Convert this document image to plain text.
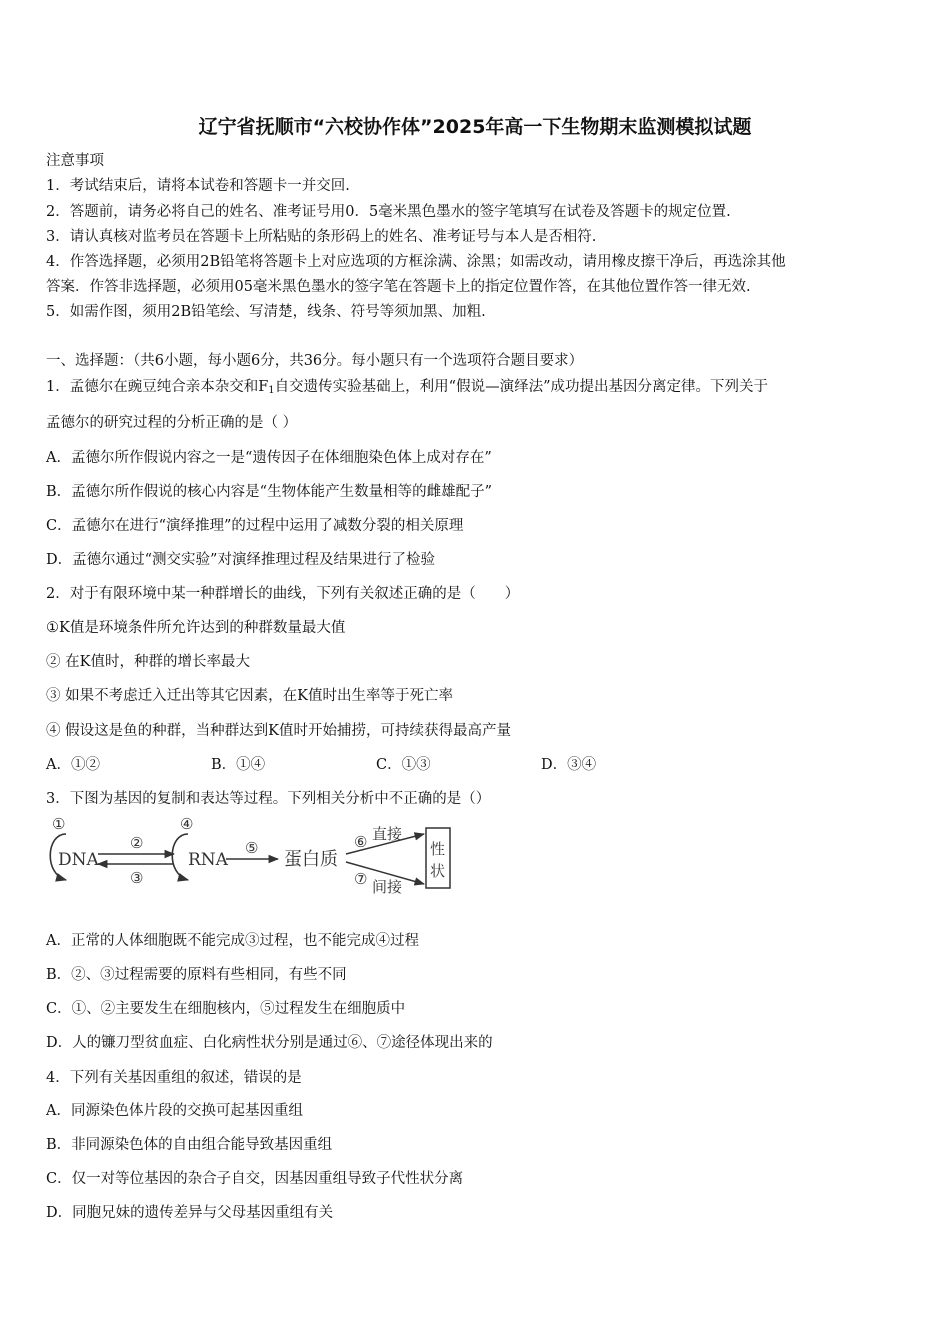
辽宁省抚顺市“六校协作体”2025年高一下生物期末监测模拟试题
注意事项
1．考试结束后，请将本试卷和答题卡一并交回.
2．答题前，请务必将自己的姓名、准考证号用0．5毫米黑色墨水的签字笔填写在试卷及答题卡的规定位置.
3．请认真核对监考员在答题卡上所粘贴的条形码上的姓名、准考证号与本人是否相符.
4．作答选择题，必须用2B铅笔将答题卡上对应选项的方框涂满、涂黑；如需改动，请用橡皮擦干净后，再选涂其他
答案．作答非选择题，必须用05毫米黑色墨水的签字笔在答题卡上的指定位置作答，在其他位置作答一律无效.
5．如需作图，须用2B铅笔绘、写清楚，线条、符号等须加黑、加粗.
一、选择题：（共6小题，每小题6分，共36分。每小题只有一个选项符合题目要求）
1．孟德尔在豌豆纯合亲本杂交和$F_1$自交遗传实验基础上，利用“假说—演绎法”成功提出基因分离定律。下列关于
孟德尔的研究过程的分析正确的是（ ）
A．孟德尔所作假说内容之一是“遗传因子在体细胞染色体上成对存在”
B．孟德尔所作假说的核心内容是“生物体能产生数量相等的雌雄配子”
C．孟德尔在进行“演绎推理”的过程中运用了减数分裂的相关原理
D．孟德尔通过“测交实验”对演绎推理过程及结果进行了检验
2．对于有限环境中某一种群增长的曲线，下列有关叙述正确的是（　　）
①K值是环境条件所允许达到的种群数量最大值
② 在K值时，种群的增长率最大
③ 如果不考虑迁入迁出等其它因素，在K值时出生率等于死亡率
④ 假设这是鱼的种群，当种群达到K值时开始捕捞，可持续获得最高产量
A．①②	B．①④	C．①③	D．③④
3．下图为基因的复制和表达等过程。下列相关分析中不正确的是（）
①
DNA
②
③
④
RNA
⑤
蛋白质
⑥ 直接
⑦ 间接
性
状
A．正常的人体细胞既不能完成③过程，也不能完成④过程
B．②、③过程需要的原料有些相同，有些不同
C．①、②主要发生在细胞核内，⑤过程发生在细胞质中
D．人的镰刀型贫血症、白化病性状分别是通过⑥、⑦途径体现出来的
4．下列有关基因重组的叙述，错误的是
A．同源染色体片段的交换可起基因重组
B．非同源染色体的自由组合能导致基因重组
C．仅一对等位基因的杂合子自交，因基因重组导致子代性状分离
D．同胞兄妹的遗传差异与父母基因重组有关
